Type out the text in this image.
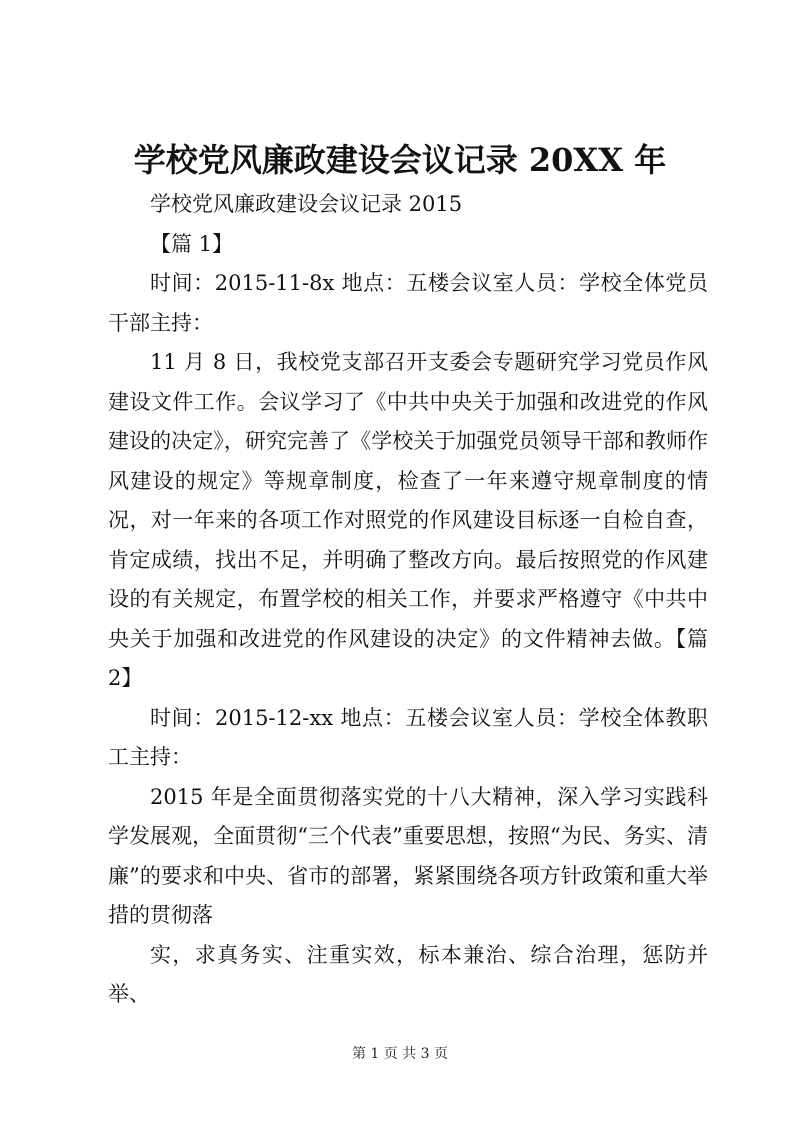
学校党风廉政建设会议记录 20XX 年

学校党风廉政建设会议记录 2015

【篇 1】

时间：2015-11-8x 地点：五楼会议室人员：学校全体党员干部主持：

11 月 8 日，我校党支部召开支委会专题研究学习党员作风建设文件工作。会议学习了《中共中央关于加强和改进党的作风建设的决定》，研究完善了《学校关于加强党员领导干部和教师作风建设的规定》等规章制度，检查了一年来遵守规章制度的情况，对一年来的各项工作对照党的作风建设目标逐一自检自查，肯定成绩，找出不足，并明确了整改方向。最后按照党的作风建设的有关规定，布置学校的相关工作，并要求严格遵守《中共中央关于加强和改进党的作风建设的决定》的文件精神去做。【篇 2】

时间：2015-12-xx 地点：五楼会议室人员：学校全体教职工主持：

2015 年是全面贯彻落实党的十八大精神，深入学习实践科学发展观，全面贯彻“三个代表”重要思想，按照“为民、务实、清廉”的要求和中央、省市的部署，紧紧围绕各项方针政策和重大举措的贯彻落

实，求真务实、注重实效，标本兼治、综合治理，惩防并举、

第 1 页 共 3 页
